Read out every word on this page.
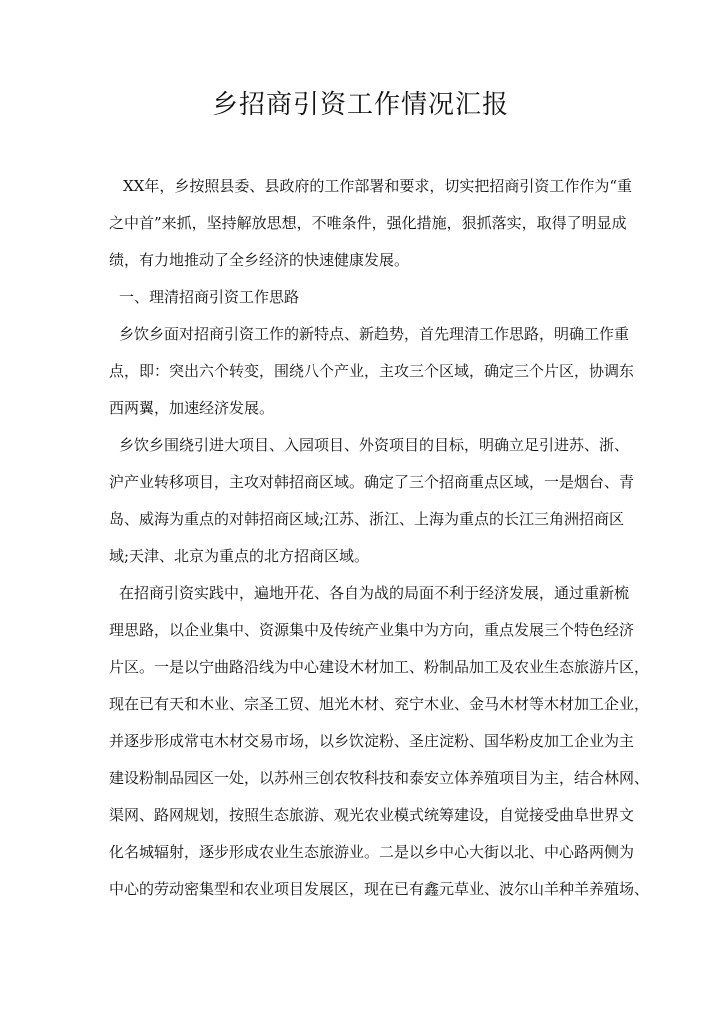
乡招商引资工作情况汇报
XX年，乡按照县委、县政府的工作部署和要求，切实把招商引资工作作为“重
之中首”来抓，坚持解放思想，不唯条件，强化措施，狠抓落实，取得了明显成
绩，有力地推动了全乡经济的快速健康发展。
一、理清招商引资工作思路
乡饮乡面对招商引资工作的新特点、新趋势，首先理清工作思路，明确工作重
点，即：突出六个转变，围绕八个产业，主攻三个区域，确定三个片区，协调东
西两翼，加速经济发展。
乡饮乡围绕引进大项目、入园项目、外资项目的目标，明确立足引进苏、浙、
沪产业转移项目，主攻对韩招商区域。确定了三个招商重点区域，一是烟台、青
岛、威海为重点的对韩招商区域;江苏、浙江、上海为重点的长江三角洲招商区
域;天津、北京为重点的北方招商区域。
在招商引资实践中，遍地开花、各自为战的局面不利于经济发展，通过重新梳
理思路，以企业集中、资源集中及传统产业集中为方向，重点发展三个特色经济
片区。一是以宁曲路沿线为中心建设木材加工、粉制品加工及农业生态旅游片区，
现在已有天和木业、宗圣工贸、旭光木材、兖宁木业、金马木材等木材加工企业，
并逐步形成常屯木材交易市场，以乡饮淀粉、圣庄淀粉、国华粉皮加工企业为主
建设粉制品园区一处，以苏州三创农牧科技和泰安立体养殖项目为主，结合林网、
渠网、路网规划，按照生态旅游、观光农业模式统筹建设，自觉接受曲阜世界文
化名城辐射，逐步形成农业生态旅游业。二是以乡中心大街以北、中心路两侧为
中心的劳动密集型和农业项目发展区，现在已有鑫元草业、波尔山羊种羊养殖场、
